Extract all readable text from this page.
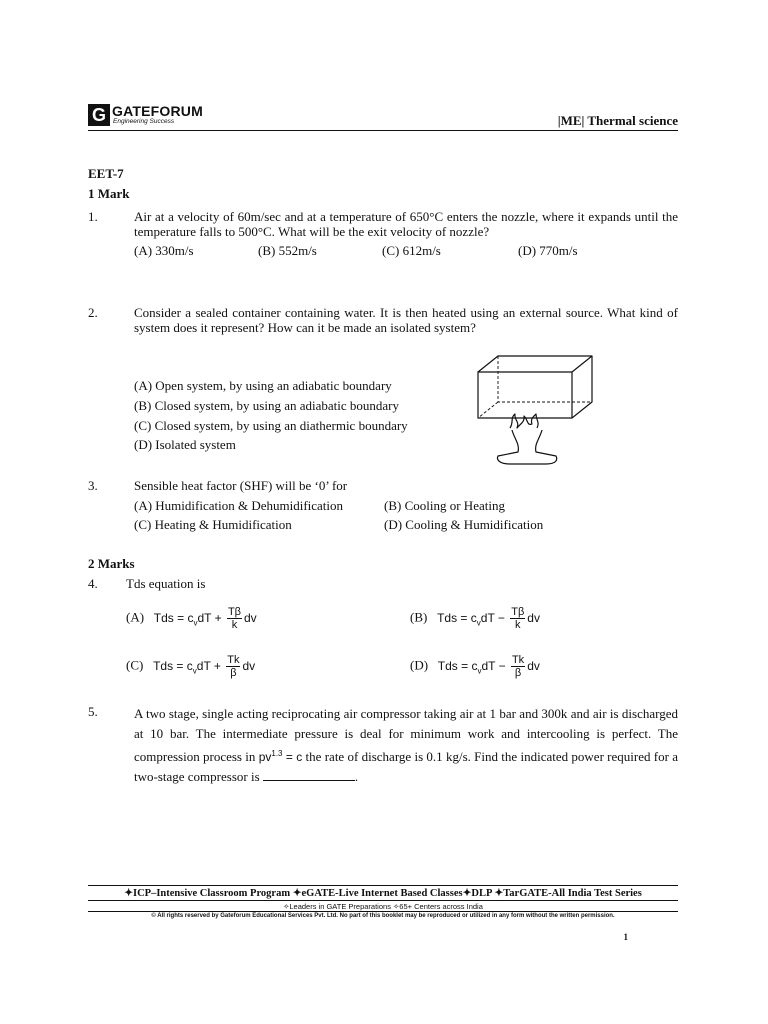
G GATEFORUM
Engineering Success	|ME| Thermal science
EET-7
1 Mark
1.	Air at a velocity of 60m/sec and at a temperature of 650°C enters the nozzle, where it expands until the temperature falls to 500°C. What will be the exit velocity of nozzle?
(A) 330m/s	(B) 552m/s	(C) 612m/s	(D) 770m/s
2.	Consider a sealed container containing water. It is then heated using an external source. What kind of system does it represent? How can it be made an isolated system?
(A) Open system, by using an adiabatic boundary
(B) Closed system, by using an adiabatic boundary
(C) Closed system, by using an diathermic boundary
(D) Isolated system
3.	Sensible heat factor (SHF) will be ‘0’ for
(A) Humidification & Dehumidification	(B) Cooling or Heating
(C) Heating & Humidification	(D) Cooling & Humidification
2 Marks
4. Tds equation is
(A) Tds = $c_vdT + \frac{T\beta}{k}$ dv	(B) Tds = $c_vdT - \frac{T\beta}{k}$ dv
(C) Tds = $c_vdT + \frac{Tk}{\beta}$ dv	(D) Tds = $c_vdT - \frac{Tk}{\beta}$ dv
5.	A two stage, single acting reciprocating air compressor taking air at 1 bar and 300k and air is discharged at 10 bar. The intermediate pressure is deal for minimum work and intercooling is perfect. The compression process in $pv^{1.3} = c$ the rate of discharge is 0.1 kg/s. Find the indicated power required for a two-stage compressor is	.
✦ICP–Intensive Classroom Program ✦eGATE-Live Internet Based Classes✦DLP ✦TarGATE-All India Test Series
✧Leaders in GATE Preparations ✧65+ Centers across India
© All rights reserved by Gateforum Educational Services Pvt. Ltd. No part of this booklet may be reproduced or utilized in any form without the written permission.
1
